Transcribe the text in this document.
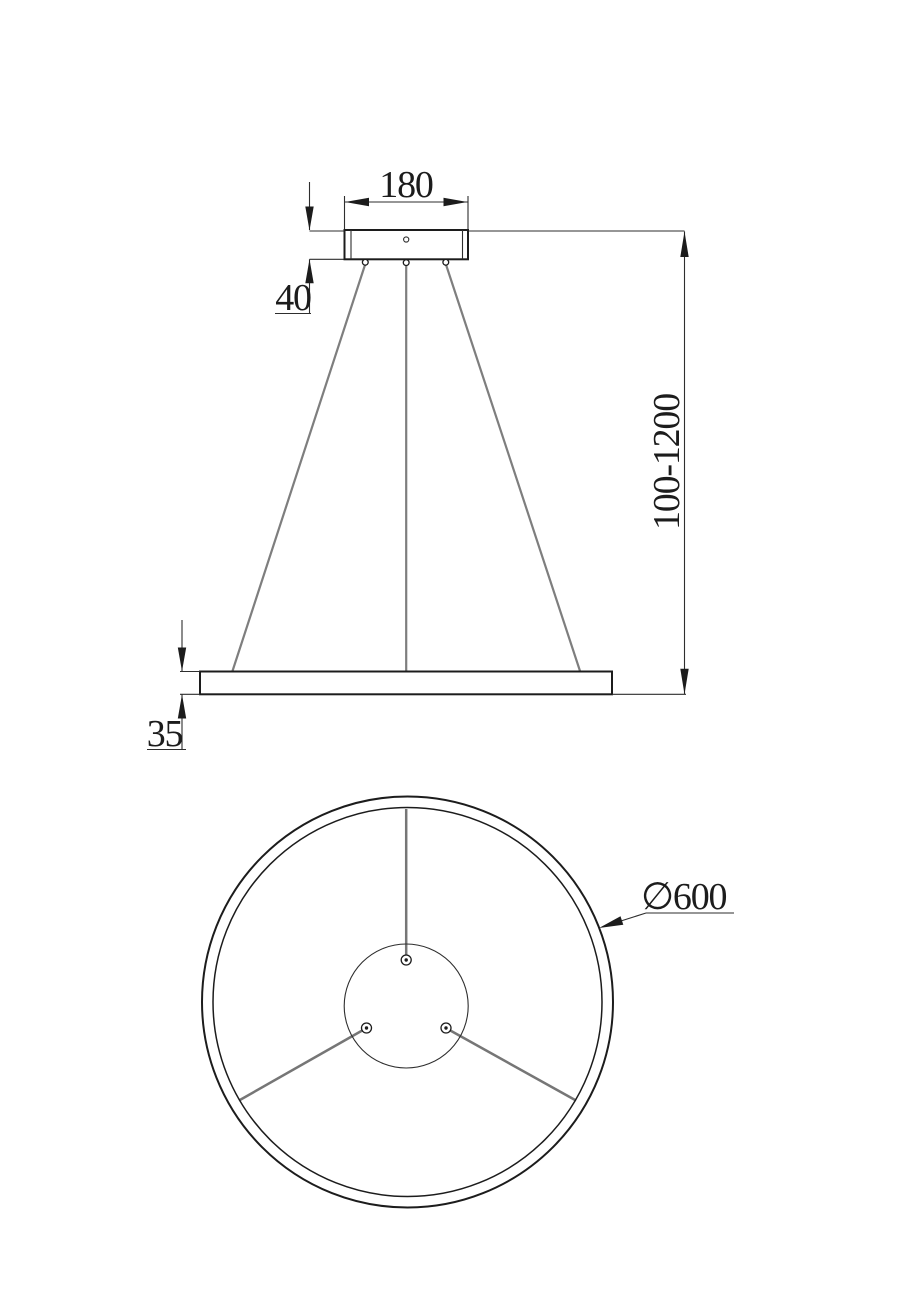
180
40
100-1200
35
∅600
